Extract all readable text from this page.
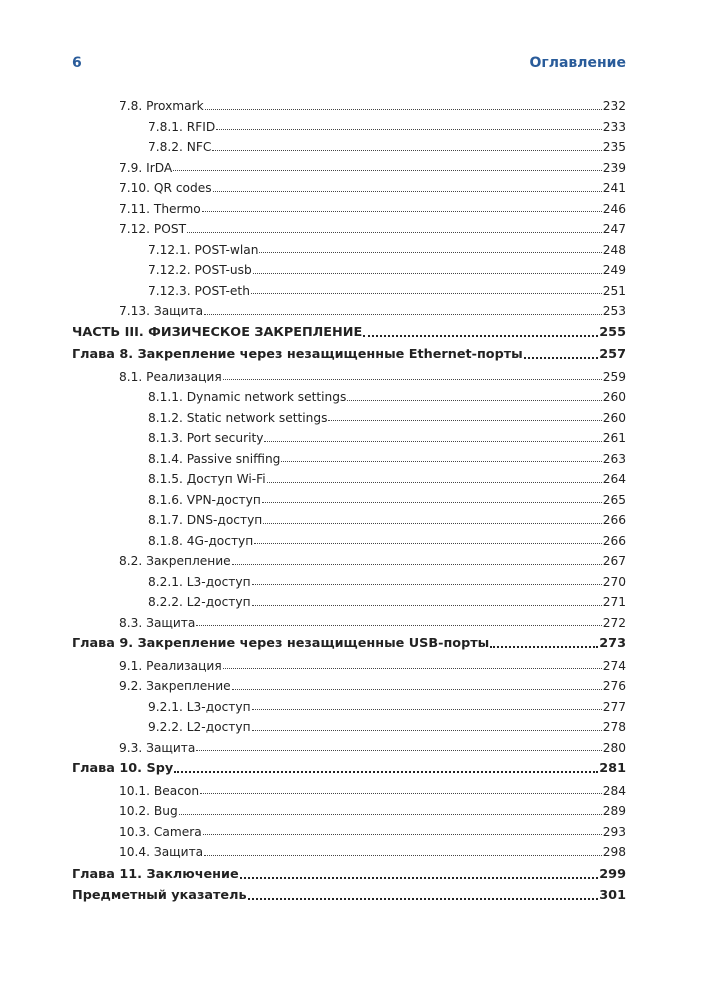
6	Оглавление
7.8. Proxmark	232
7.8.1. RFID	233
7.8.2. NFC	235
7.9. IrDA	239
7.10. QR codes	241
7.11. Thermo	246
7.12. POST	247
7.12.1. POST-wlan	248
7.12.2. POST-usb	249
7.12.3. POST-eth	251
7.13. Защита	253
ЧАСТЬ III. ФИЗИЧЕСКОЕ ЗАКРЕПЛЕНИЕ	255
Глава 8. Закрепление через незащищенные Ethernet-порты	257
8.1. Реализация	259
8.1.1. Dynamic network settings	260
8.1.2. Static network settings	260
8.1.3. Port security	261
8.1.4. Passive sniffing	263
8.1.5. Доступ Wi-Fi	264
8.1.6. VPN-доступ	265
8.1.7. DNS-доступ	266
8.1.8. 4G-доступ	266
8.2. Закрепление	267
8.2.1. L3-доступ	270
8.2.2. L2-доступ	271
8.3. Защита	272
Глава 9. Закрепление через незащищенные USB-порты	273
9.1. Реализация	274
9.2. Закрепление	276
9.2.1. L3-доступ	277
9.2.2. L2-доступ	278
9.3. Защита	280
Глава 10. Spy	281
10.1. Beacon	284
10.2. Bug	289
10.3. Camera	293
10.4. Защита	298
Глава 11. Заключение	299
Предметный указатель	301
